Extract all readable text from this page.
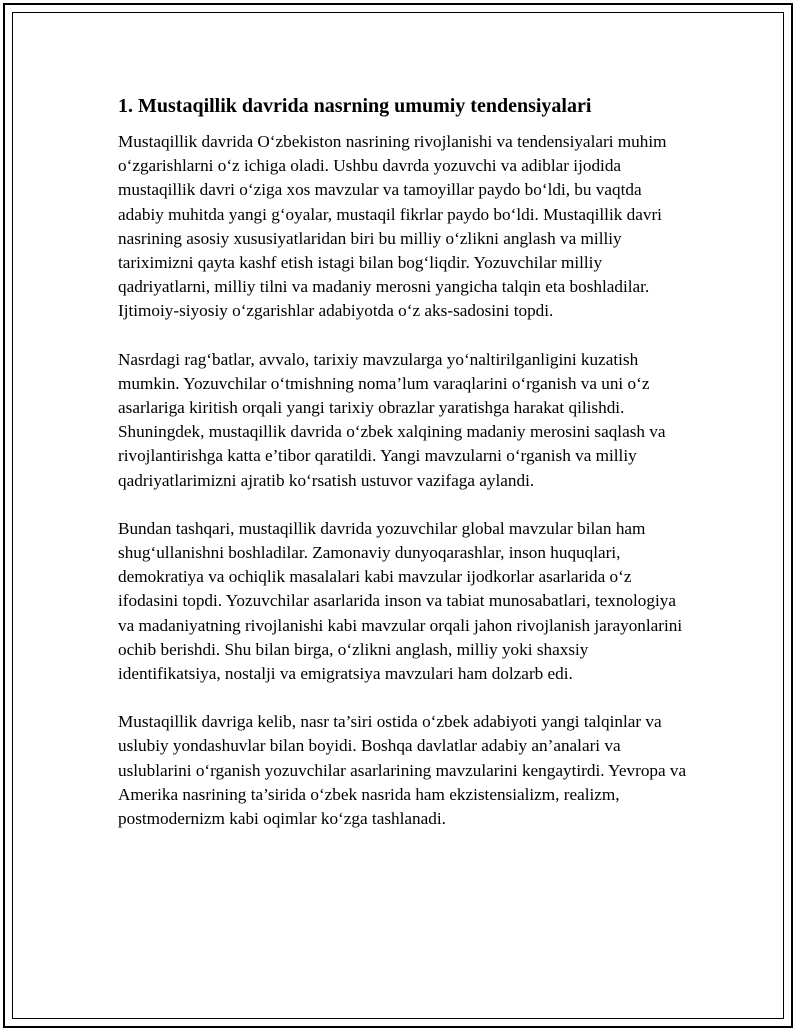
1. Mustaqillik davrida nasrning umumiy tendensiyalari

Mustaqillik davrida O‘zbekiston nasrining rivojlanishi va tendensiyalari muhim o‘zgarishlarni o‘z ichiga oladi. Ushbu davrda yozuvchi va adiblar ijodida mustaqillik davri o‘ziga xos mavzular va tamoyillar paydo bo‘ldi, bu vaqtda adabiy muhitda yangi g‘oyalar, mustaqil fikrlar paydo bo‘ldi. Mustaqillik davri nasrining asosiy xususiyatlaridan biri bu milliy o‘zlikni anglash va milliy tariximizni qayta kashf etish istagi bilan bog‘liqdir. Yozuvchilar milliy qadriyatlarni, milliy tilni va madaniy merosni yangicha talqin eta boshladilar. Ijtimoiy-siyosiy o‘zgarishlar adabiyotda o‘z aks-sadosini topdi.

Nasrdagi rag‘batlar, avvalo, tarixiy mavzularga yo‘naltirilganligini kuzatish mumkin. Yozuvchilar o‘tmishning noma’lum varaqlarini o‘rganish va uni o‘z asarlariga kiritish orqali yangi tarixiy obrazlar yaratishga harakat qilishdi. Shuningdek, mustaqillik davrida o‘zbek xalqining madaniy merosini saqlash va rivojlantirishga katta e’tibor qaratildi. Yangi mavzularni o‘rganish va milliy qadriyatlarimizni ajratib ko‘rsatish ustuvor vazifaga aylandi.

Bundan tashqari, mustaqillik davrida yozuvchilar global mavzular bilan ham shug‘ullanishni boshladilar. Zamonaviy dunyoqarashlar, inson huquqlari, demokratiya va ochiqlik masalalari kabi mavzular ijodkorlar asarlarida o‘z ifodasini topdi. Yozuvchilar asarlarida inson va tabiat munosabatlari, texnologiya va madaniyatning rivojlanishi kabi mavzular orqali jahon rivojlanish jarayonlarini ochib berishdi. Shu bilan birga, o‘zlikni anglash, milliy yoki shaxsiy identifikatsiya, nostalji va emigratsiya mavzulari ham dolzarb edi.

Mustaqillik davriga kelib, nasr ta’siri ostida o‘zbek adabiyoti yangi talqinlar va uslubiy yondashuvlar bilan boyidi. Boshqa davlatlar adabiy an’analari va uslublarini o‘rganish yozuvchilar asarlarining mavzularini kengaytirdi. Yevropa va Amerika nasrining ta’sirida o‘zbek nasrida ham ekzistensializm, realizm, postmodernizm kabi oqimlar ko‘zga tashlanadi.
